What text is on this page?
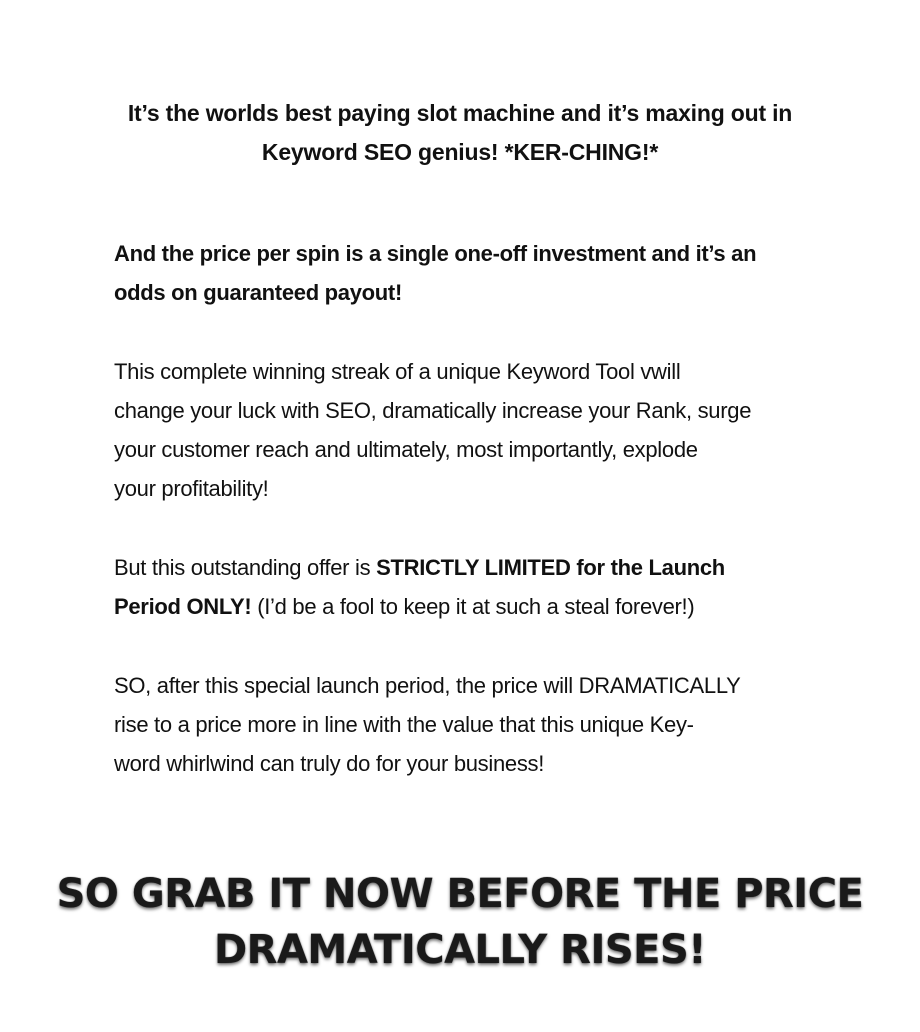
It’s the worlds best paying slot machine and it’s maxing out in
Keyword SEO genius! *KER-CHING!*
And the price per spin is a single one-off investment and it’s an
odds on guaranteed payout!
This complete winning streak of a unique Keyword Tool vwill
change your luck with SEO, dramatically increase your Rank, surge
your customer reach and ultimately, most importantly, explode
your profitability!
But this outstanding offer is STRICTLY LIMITED for the Launch
Period ONLY! (I’d be a fool to keep it at such a steal forever!)
SO, after this special launch period, the price will DRAMATICALLY
rise to a price more in line with the value that this unique Key-
word whirlwind can truly do for your business!
SO GRAB IT NOW BEFORE THE PRICE
DRAMATICALLY RISES!
